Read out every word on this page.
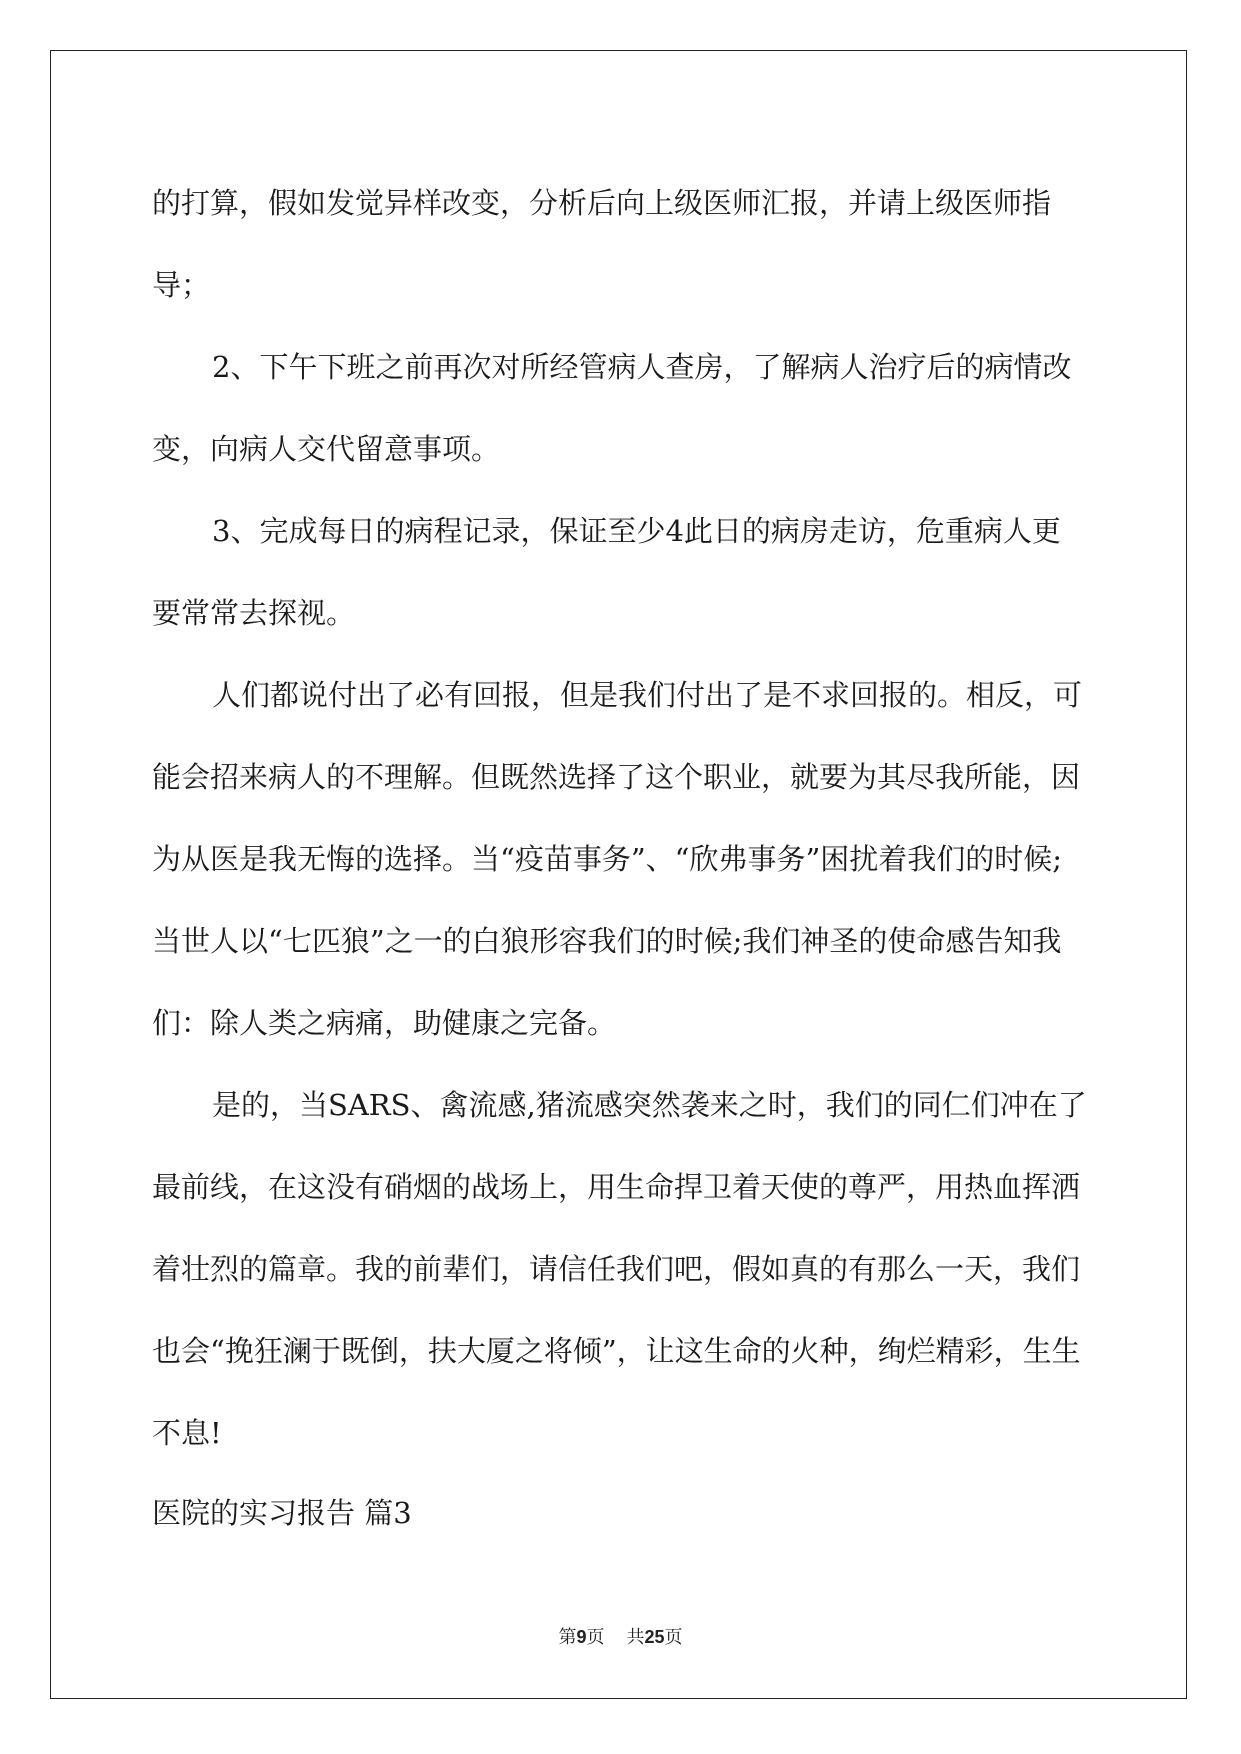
的打算，假如发觉异样改变，分析后向上级医师汇报，并请上级医师指导；

2、下午下班之前再次对所经管病人查房，了解病人治疗后的病情改变，向病人交代留意事项。

3、完成每日的病程记录，保证至少4此日的病房走访，危重病人更要常常去探视。

人们都说付出了必有回报，但是我们付出了是不求回报的。相反，可能会招来病人的不理解。但既然选择了这个职业，就要为其尽我所能，因为从医是我无悔的选择。当“疫苗事务”、“欣弗事务”困扰着我们的时候;当世人以“七匹狼”之一的白狼形容我们的时候;我们神圣的使命感告知我们：除人类之病痛，助健康之完备。

是的，当SARS、禽流感,猪流感突然袭来之时，我们的同仁们冲在了最前线，在这没有硝烟的战场上，用生命捍卫着天使的尊严，用热血挥洒着壮烈的篇章。我的前辈们，请信任我们吧，假如真的有那么一天，我们也会“挽狂澜于既倒，扶大厦之将倾”，让这生命的火种，绚烂精彩，生生不息!

医院的实习报告 篇3

第9页 共25页
